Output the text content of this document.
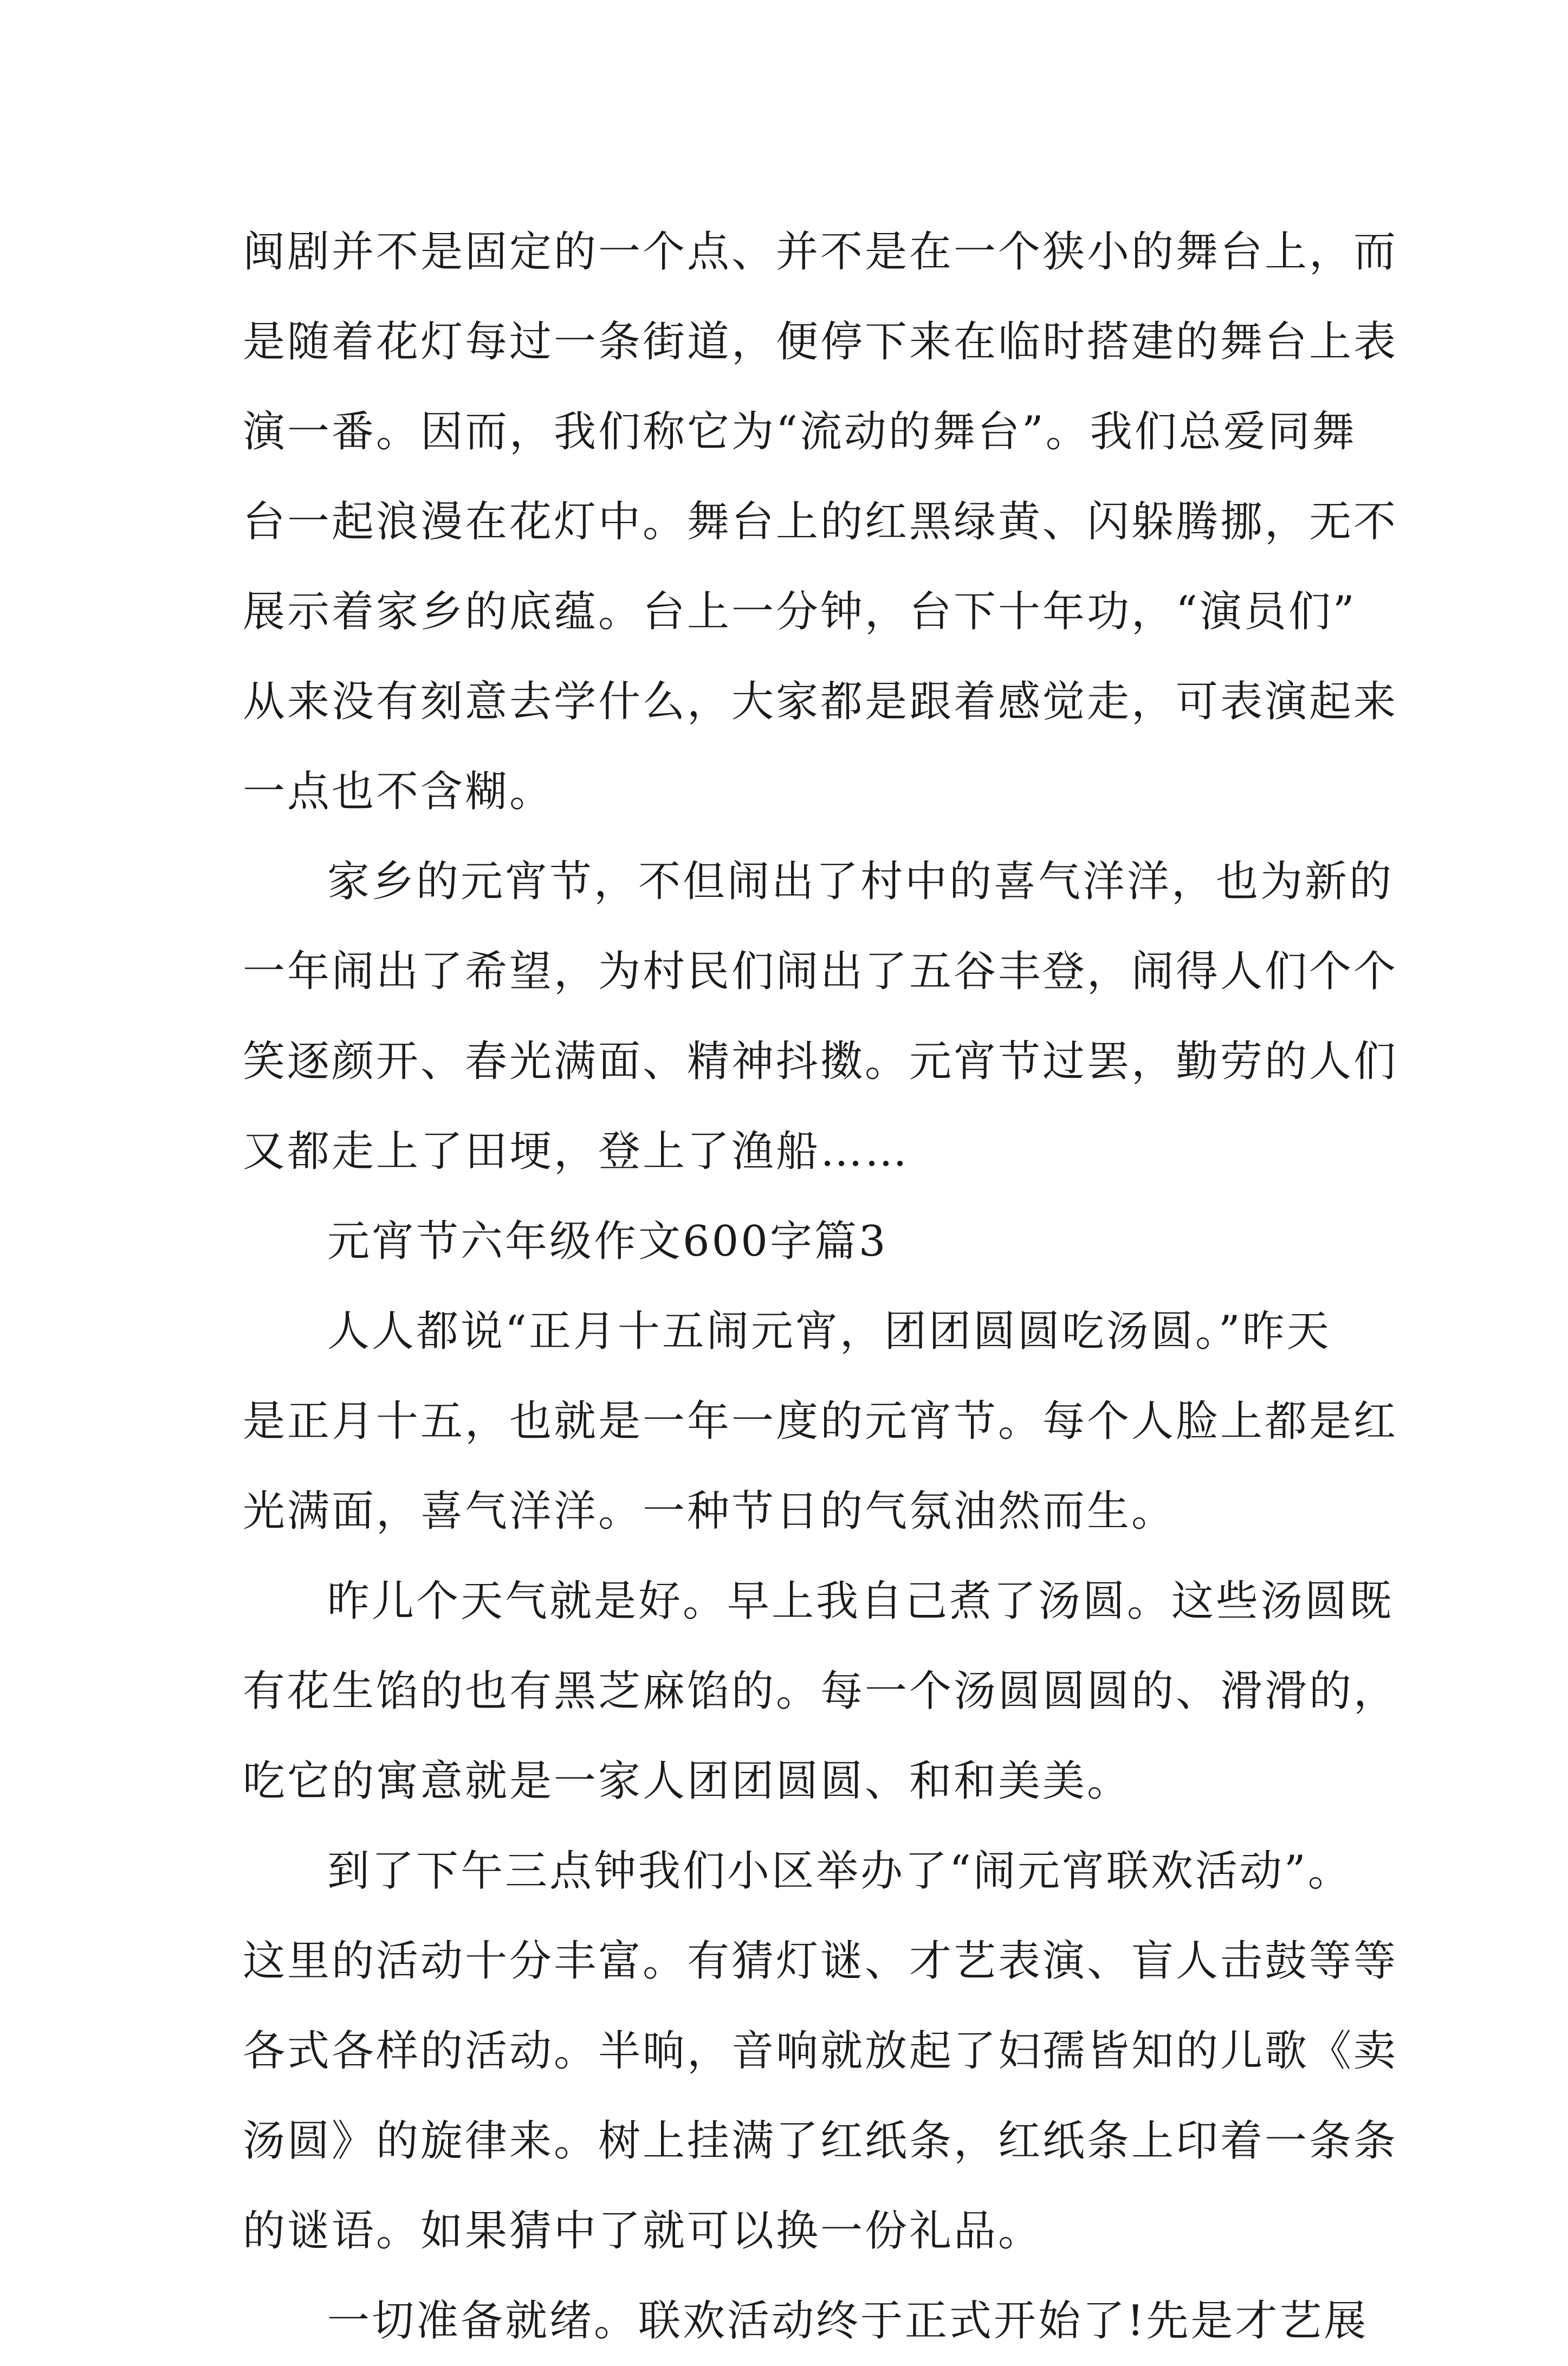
闽剧并不是固定的一个点、并不是在一个狭小的舞台上，而
是随着花灯每过一条街道，便停下来在临时搭建的舞台上表
演一番。因而，我们称它为“流动的舞台”。我们总爱同舞
台一起浪漫在花灯中。舞台上的红黑绿黄、闪躲腾挪，无不
展示着家乡的底蕴。台上一分钟，台下十年功，“演员们”
从来没有刻意去学什么，大家都是跟着感觉走，可表演起来
一点也不含糊。
家乡的元宵节，不但闹出了村中的喜气洋洋，也为新的
一年闹出了希望，为村民们闹出了五谷丰登，闹得人们个个
笑逐颜开、春光满面、精神抖擞。元宵节过罢，勤劳的人们
又都走上了田埂，登上了渔船……
元宵节六年级作文600字篇3
人人都说“正月十五闹元宵，团团圆圆吃汤圆。”昨天
是正月十五，也就是一年一度的元宵节。每个人脸上都是红
光满面，喜气洋洋。一种节日的气氛油然而生。
昨儿个天气就是好。早上我自己煮了汤圆。这些汤圆既
有花生馅的也有黑芝麻馅的。每一个汤圆圆圆的、滑滑的，
吃它的寓意就是一家人团团圆圆、和和美美。
到了下午三点钟我们小区举办了“闹元宵联欢活动”。
这里的活动十分丰富。有猜灯谜、才艺表演、盲人击鼓等等
各式各样的活动。半晌，音响就放起了妇孺皆知的儿歌《卖
汤圆》的旋律来。树上挂满了红纸条，红纸条上印着一条条
的谜语。如果猜中了就可以换一份礼品。
一切准备就绪。联欢活动终于正式开始了!先是才艺展
